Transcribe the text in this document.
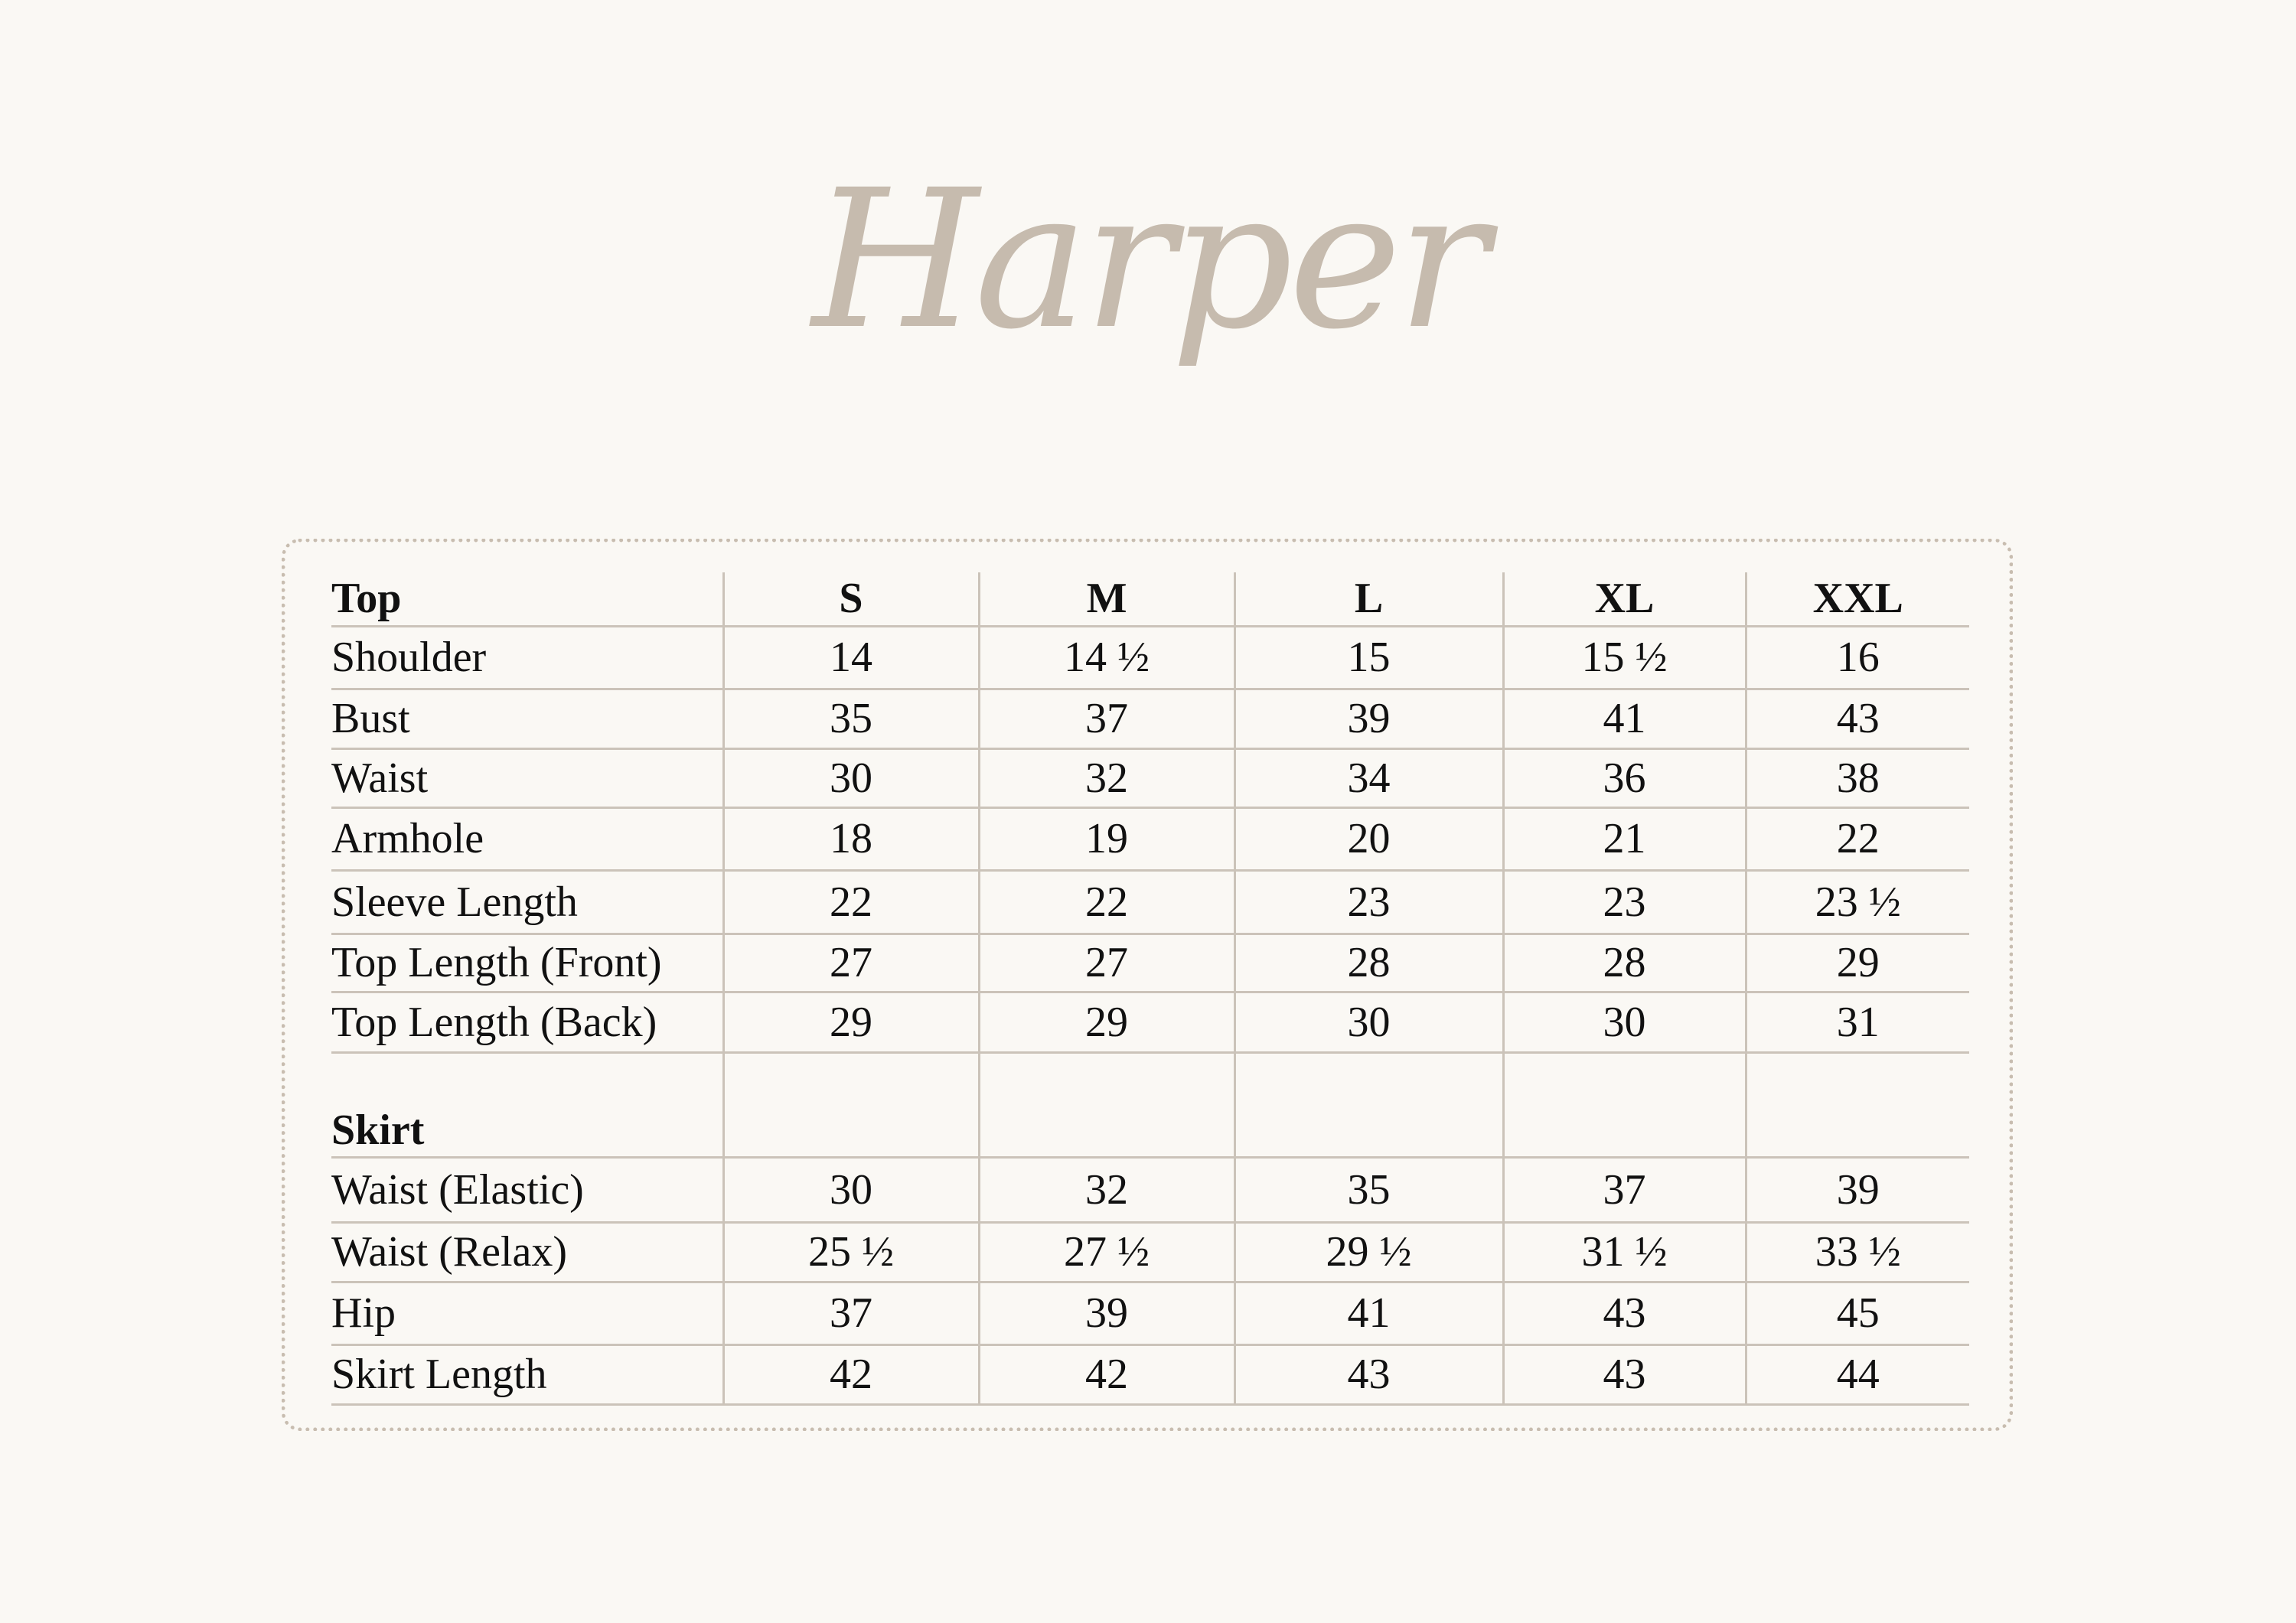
Harper
Top	S	M	L	XL	XXL
Shoulder	14	14 ½	15	15 ½	16
Bust	35	37	39	41	43
Waist	30	32	34	36	38
Armhole	18	19	20	21	22
Sleeve Length	22	22	23	23	23 ½
Top Length (Front)	27	27	28	28	29
Top Length (Back)	29	29	30	30	31
Skirt					
Waist (Elastic)	30	32	35	37	39
Waist (Relax)	25 ½	27 ½	29 ½	31 ½	33 ½
Hip	37	39	41	43	45
Skirt Length	42	42	43	43	44
